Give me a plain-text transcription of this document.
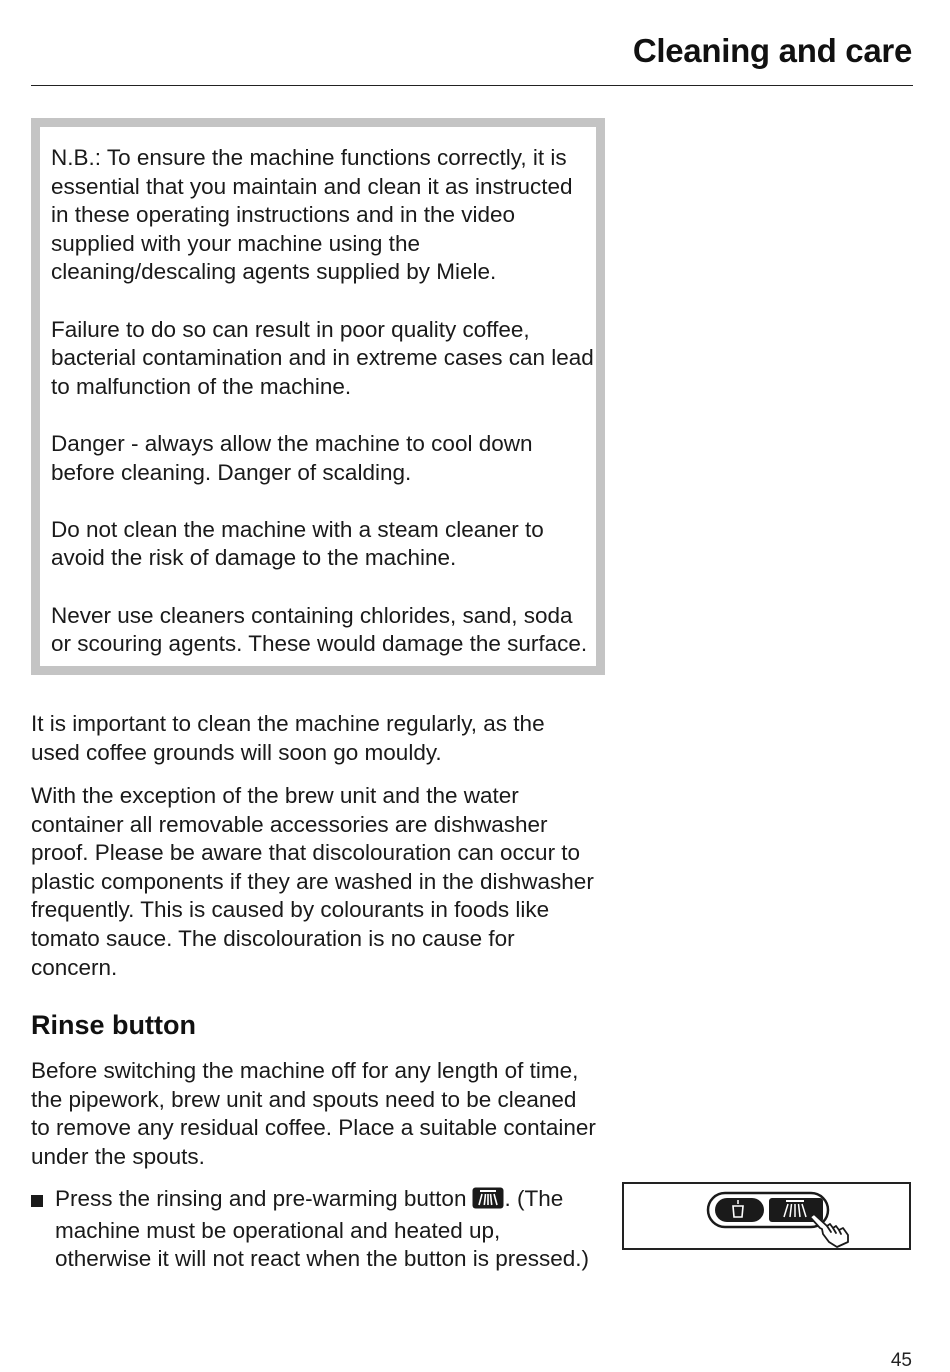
Cleaning and care

N.B.: To ensure the machine functions correctly, it is essential that you maintain and clean it as instructed in these operating instructions and in the video supplied with your machine using the cleaning/descaling agents supplied by Miele.

Failure to do so can result in poor quality coffee, bacterial contamination and in extreme cases can lead to malfunction of the machine.

Danger - always allow the machine to cool down before cleaning. Danger of scalding.

Do not clean the machine with a steam cleaner to avoid the risk of damage to the machine.

Never use cleaners containing chlorides, sand, soda or scouring agents. These would damage the surface.

It is important to clean the machine regularly, as the used coffee grounds will soon go mouldy.

With the exception of the brew unit and the water container all removable accessories are dishwasher proof. Please be aware that discolouration can occur to plastic components if they are washed in the dishwasher frequently. This is caused by colourants in foods like tomato sauce. The discolouration is no cause for concern.

Rinse button

Before switching the machine off for any length of time, the pipework, brew unit and spouts need to be cleaned to remove any residual coffee. Place a suitable container under the spouts.

Press the rinsing and pre-warming button . (The machine must be operational and heated up, otherwise it will not react when the button is pressed.)

45
